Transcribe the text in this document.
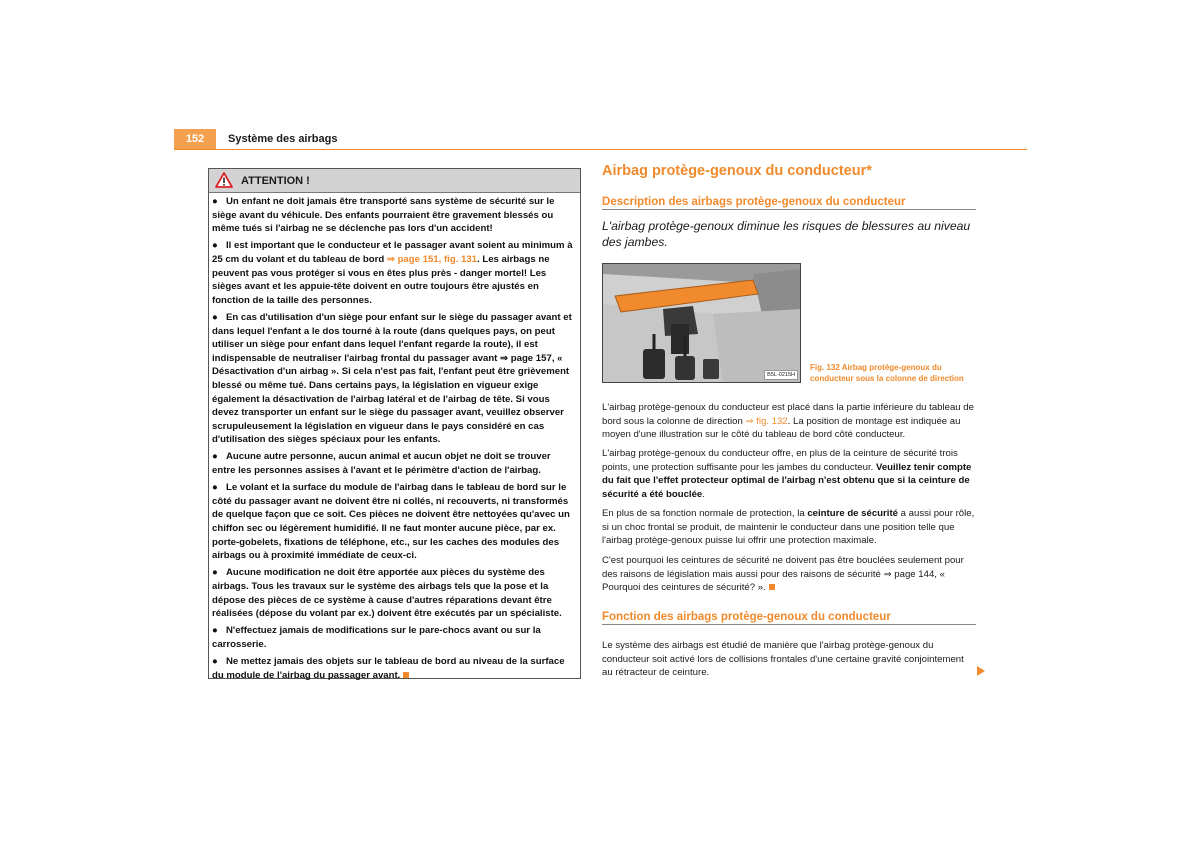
152	Système des airbags
ATTENTION !

● Un enfant ne doit jamais être transporté sans système de sécurité sur le siège avant du véhicule. Des enfants pourraient être gravement blessés ou même tués si l'airbag ne se déclenche pas lors d'un accident!

● Il est important que le conducteur et le passager avant soient au minimum à 25 cm du volant et du tableau de bord ⇒ page 151, fig. 131. Les airbags ne peuvent pas vous protéger si vous en êtes plus près - danger mortel! Les sièges avant et les appuie-tête doivent en outre toujours être ajustés en fonction de la taille des personnes.

● En cas d'utilisation d'un siège pour enfant sur le siège du passager avant et dans lequel l'enfant a le dos tourné à la route (dans quelques pays, on peut utiliser un siège pour enfant dans lequel l'enfant regarde la route), il est indispensable de neutraliser l'airbag frontal du passager avant ⇒ page 157, « Désactivation d'un airbag ». Si cela n'est pas fait, l'enfant peut être grièvement blessé ou même tué. Dans certains pays, la législation en vigueur exige également la désactivation de l'airbag latéral et de l'airbag de tête. Si vous devez transporter un enfant sur le siège du passager avant, veuillez observer scrupuleusement la législation en vigueur dans le pays considéré en cas d'utilisation des sièges spéciaux pour les enfants.

● Aucune autre personne, aucun animal et aucun objet ne doit se trouver entre les personnes assises à l'avant et le périmètre d'action de l'airbag.

● Le volant et la surface du module de l'airbag dans le tableau de bord sur le côté du passager avant ne doivent être ni collés, ni recouverts, ni transformés de quelque façon que ce soit. Ces pièces ne doivent être nettoyées qu'avec un chiffon sec ou légèrement humidifié. Il ne faut monter aucune pièce, par ex. porte-gobelets, fixations de téléphone, etc., sur les caches des modules des airbags ou à proximité immédiate de ceux-ci.

● Aucune modification ne doit être apportée aux pièces du système des airbags. Tous les travaux sur le système des airbags tels que la pose et la dépose des pièces de ce système à cause d'autres réparations devant être réalisées (dépose du volant par ex.) doivent être exécutés par un spécialiste.

● N'effectuez jamais de modifications sur le pare-chocs avant ou sur la carrosserie.

● Ne mettez jamais des objets sur le tableau de bord au niveau de la surface du module de l'airbag du passager avant.

Airbag protège-genoux du conducteur*
Description des airbags protège-genoux du conducteur

L'airbag protège-genoux diminue les risques de blessures au niveau des jambes.

B5L-0215H
Fig. 132 Airbag protège-genoux du conducteur sous la colonne de direction

L'airbag protège-genoux du conducteur est placé dans la partie inférieure du tableau de bord sous la colonne de direction ⇒ fig. 132. La position de montage est indiquée au moyen d'une illustration sur le côté du tableau de bord côté conducteur.

L'airbag protège-genoux du conducteur offre, en plus de la ceinture de sécurité trois points, une protection suffisante pour les jambes du conducteur. Veuillez tenir compte du fait que l'effet protecteur optimal de l'airbag n'est obtenu que si la ceinture de sécurité a été bouclée.

En plus de sa fonction normale de protection, la ceinture de sécurité a aussi pour rôle, si un choc frontal se produit, de maintenir le conducteur dans une position telle que l'airbag protège-genoux puisse lui offrir une protection maximale.

C'est pourquoi les ceintures de sécurité ne doivent pas être bouclées seulement pour des raisons de législation mais aussi pour des raisons de sécurité ⇒ page 144, « Pourquoi des ceintures de sécurité? ».

Fonction des airbags protège-genoux du conducteur

Le système des airbags est étudié de manière que l'airbag protège-genoux du conducteur soit activé lors de collisions frontales d'une certaine gravité conjointement au rétracteur de ceinture.
